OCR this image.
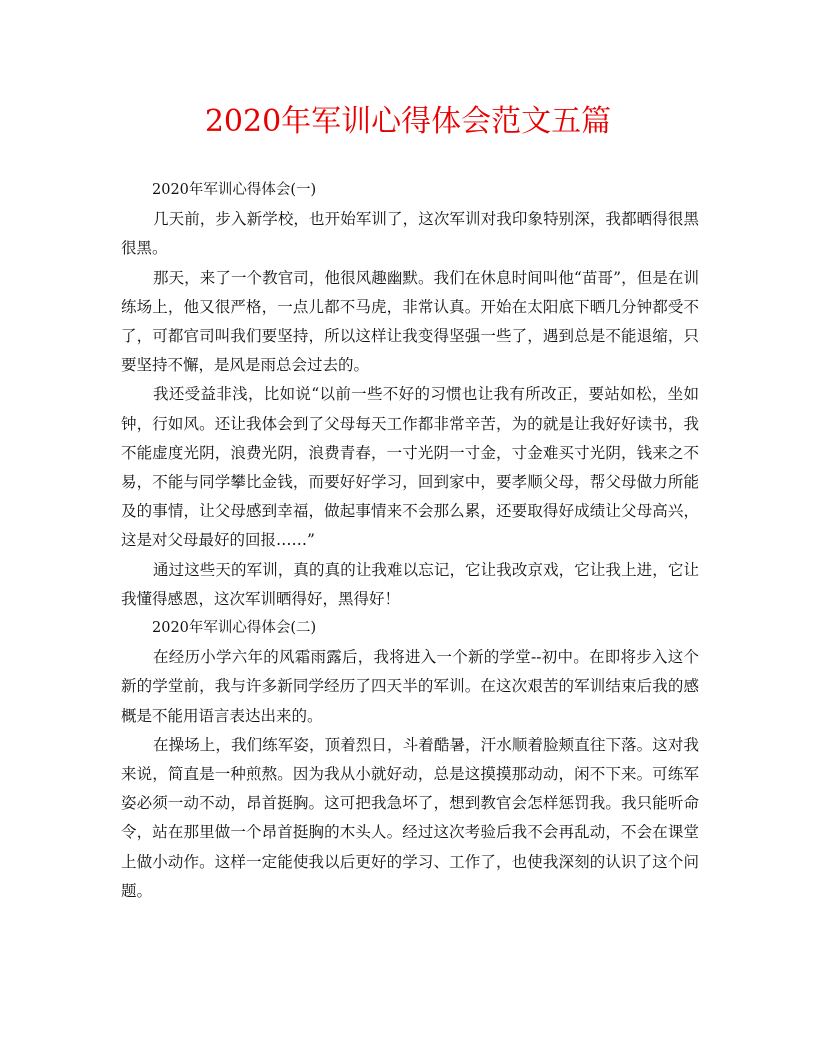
2020年军训心得体会范文五篇

2020年军训心得体会(一)

几天前，步入新学校，也开始军训了，这次军训对我印象特别深，我都晒得很黑很黑。

那天，来了一个教官司，他很风趣幽默。我们在休息时间叫他“苗哥”，但是在训练场上，他又很严格，一点儿都不马虎，非常认真。开始在太阳底下晒几分钟都受不了，可都官司叫我们要坚持，所以这样让我变得坚强一些了，遇到总是不能退缩，只要坚持不懈，是风是雨总会过去的。

我还受益非浅，比如说“以前一些不好的习惯也让我有所改正，要站如松，坐如钟，行如风。还让我体会到了父母每天工作都非常辛苦，为的就是让我好好读书，我不能虚度光阴，浪费光阴，浪费青春，一寸光阴一寸金，寸金难买寸光阴，钱来之不易，不能与同学攀比金钱，而要好好学习，回到家中，要孝顺父母，帮父母做力所能及的事情，让父母感到幸福，做起事情来不会那么累，还要取得好成绩让父母高兴，这是对父母最好的回报……”

通过这些天的军训，真的真的让我难以忘记，它让我改京戏，它让我上进，它让我懂得感恩，这次军训晒得好，黑得好！

2020年军训心得体会(二)

在经历小学六年的风霜雨露后，我将进入一个新的学堂--初中。在即将步入这个新的学堂前，我与许多新同学经历了四天半的军训。在这次艰苦的军训结束后我的感概是不能用语言表达出来的。

在操场上，我们练军姿，顶着烈日，斗着酷暑，汗水顺着脸颊直往下落。这对我来说，简直是一种煎熬。因为我从小就好动，总是这摸摸那动动，闲不下来。可练军姿必须一动不动，昂首挺胸。这可把我急坏了，想到教官会怎样惩罚我。我只能听命令，站在那里做一个昂首挺胸的木头人。经过这次考验后我不会再乱动，不会在课堂上做小动作。这样一定能使我以后更好的学习、工作了，也使我深刻的认识了这个问题。
